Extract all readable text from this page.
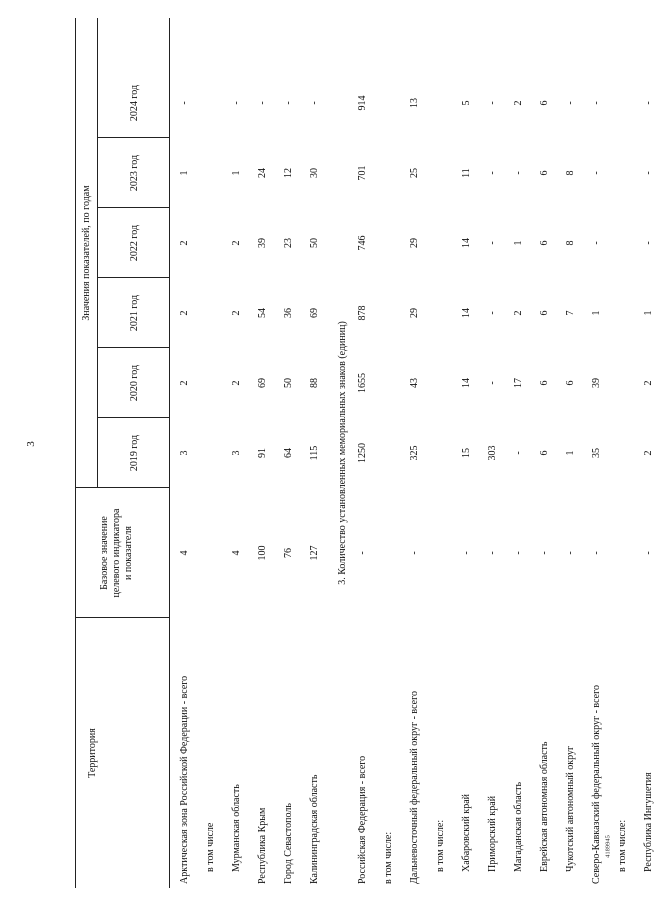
3
4189945
Территория
Базовое значение целевого индикатора и показателя
Значения показателей, по годам
2019 год
2020 год
2021 год
2022 год
2023 год
2024 год
Арктическая зона Российской Федерации - всего
4
3
2
2
2
1
-
в том числе Мурманская область
4
3
2
2
2
1
-
Республика Крым
100
91
69
54
39
24
-
Город Севастополь
76
64
50
36
23
12
-
Калининградская область
127
115
88
69
50
30
-
Российская Федерация - всего
-
1250
1655
878
746
701
914
в том числе: Дальневосточный федеральный округ - всего
-
325
43
29
29
25
13
в том числе: Хабаровский край
-
15
14
14
14
11
5
Приморский край
-
303
-
-
-
-
-
Магаданская область
-
-
17
2
1
-
2
Еврейская автономная область
-
6
6
6
6
6
6
Чукотский автономный округ
-
1
6
7
8
8
-
Северо-Кавказский федеральный округ - всего
-
35
39
1
-
-
-
в том числе: Республика Ингушетия
-
2
2
1
-
-
-
3. Количество установленных мемориальных знаков (единиц)
